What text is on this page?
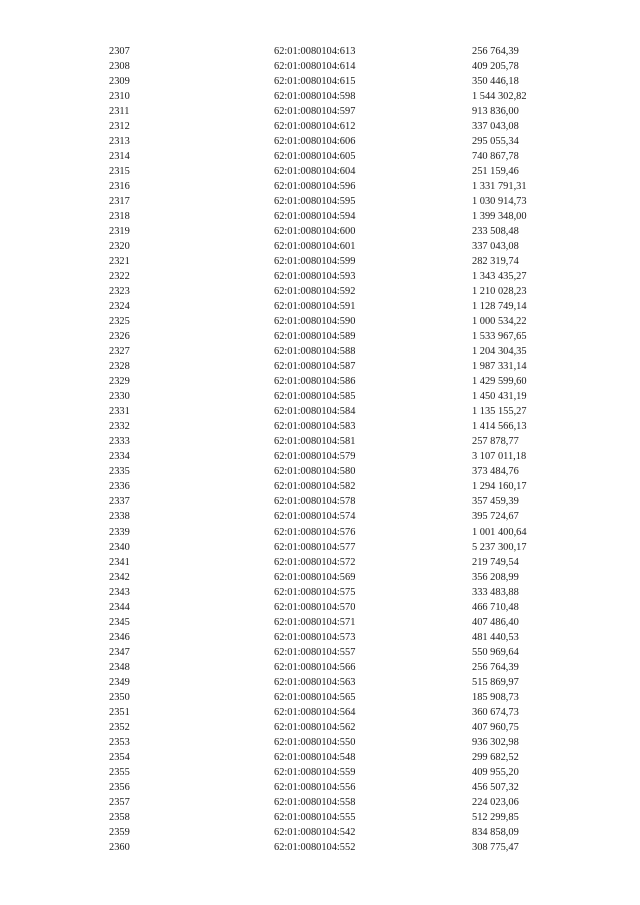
2307	62:01:0080104:613	256 764,39
2308	62:01:0080104:614	409 205,78
2309	62:01:0080104:615	350 446,18
2310	62:01:0080104:598	1 544 302,82
2311	62:01:0080104:597	913 836,00
2312	62:01:0080104:612	337 043,08
2313	62:01:0080104:606	295 055,34
2314	62:01:0080104:605	740 867,78
2315	62:01:0080104:604	251 159,46
2316	62:01:0080104:596	1 331 791,31
2317	62:01:0080104:595	1 030 914,73
2318	62:01:0080104:594	1 399 348,00
2319	62:01:0080104:600	233 508,48
2320	62:01:0080104:601	337 043,08
2321	62:01:0080104:599	282 319,74
2322	62:01:0080104:593	1 343 435,27
2323	62:01:0080104:592	1 210 028,23
2324	62:01:0080104:591	1 128 749,14
2325	62:01:0080104:590	1 000 534,22
2326	62:01:0080104:589	1 533 967,65
2327	62:01:0080104:588	1 204 304,35
2328	62:01:0080104:587	1 987 331,14
2329	62:01:0080104:586	1 429 599,60
2330	62:01:0080104:585	1 450 431,19
2331	62:01:0080104:584	1 135 155,27
2332	62:01:0080104:583	1 414 566,13
2333	62:01:0080104:581	257 878,77
2334	62:01:0080104:579	3 107 011,18
2335	62:01:0080104:580	373 484,76
2336	62:01:0080104:582	1 294 160,17
2337	62:01:0080104:578	357 459,39
2338	62:01:0080104:574	395 724,67
2339	62:01:0080104:576	1 001 400,64
2340	62:01:0080104:577	5 237 300,17
2341	62:01:0080104:572	219 749,54
2342	62:01:0080104:569	356 208,99
2343	62:01:0080104:575	333 483,88
2344	62:01:0080104:570	466 710,48
2345	62:01:0080104:571	407 486,40
2346	62:01:0080104:573	481 440,53
2347	62:01:0080104:557	550 969,64
2348	62:01:0080104:566	256 764,39
2349	62:01:0080104:563	515 869,97
2350	62:01:0080104:565	185 908,73
2351	62:01:0080104:564	360 674,73
2352	62:01:0080104:562	407 960,75
2353	62:01:0080104:550	936 302,98
2354	62:01:0080104:548	299 682,52
2355	62:01:0080104:559	409 955,20
2356	62:01:0080104:556	456 507,32
2357	62:01:0080104:558	224 023,06
2358	62:01:0080104:555	512 299,85
2359	62:01:0080104:542	834 858,09
2360	62:01:0080104:552	308 775,47
